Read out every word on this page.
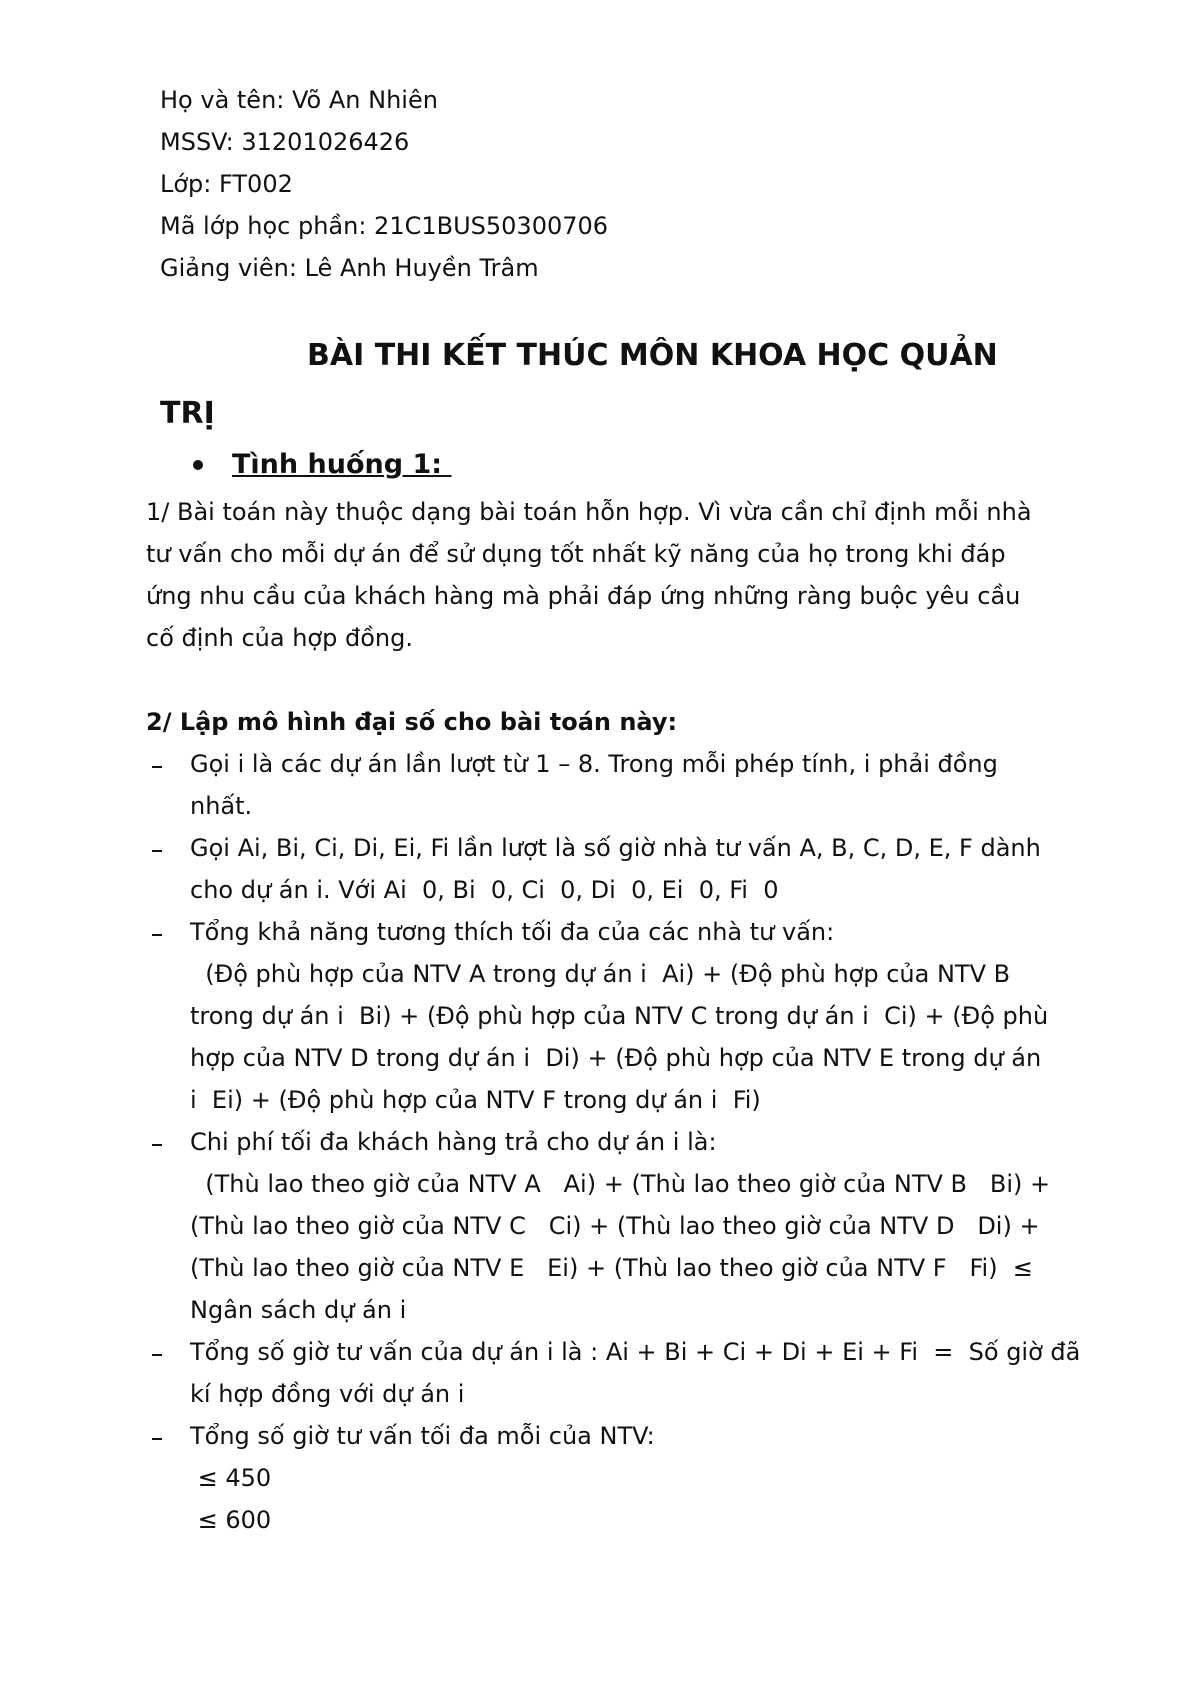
Họ và tên: Võ An Nhiên
MSSV: 31201026426
Lớp: FT002
Mã lớp học phần: 21C1BUS50300706
Giảng viên: Lê Anh Huyền Trâm
BÀI THI KẾT THÚC MÔN KHOA HỌC QUẢN
TRỊ
Tình huống 1:
1/ Bài toán này thuộc dạng bài toán hỗn hợp. Vì vừa cần chỉ định mỗi nhà
tư vấn cho mỗi dự án để sử dụng tốt nhất kỹ năng của họ trong khi đáp
ứng nhu cầu của khách hàng mà phải đáp ứng những ràng buộc yêu cầu
cố định của hợp đồng.
2/ Lập mô hình đại số cho bài toán này:
Gọi i là các dự án lần lượt từ 1 – 8. Trong mỗi phép tính, i phải đồng
nhất.
Gọi Ai, Bi, Ci, Di, Ei, Fi lần lượt là số giờ nhà tư vấn A, B, C, D, E, F dành
cho dự án i. Với Ai  0, Bi  0, Ci  0, Di  0, Ei  0, Fi  0
Tổng khả năng tương thích tối đa của các nhà tư vấn:
(Độ phù hợp của NTV A trong dự án i  Ai) + (Độ phù hợp của NTV B
trong dự án i  Bi) + (Độ phù hợp của NTV C trong dự án i  Ci) + (Độ phù
hợp của NTV D trong dự án i  Di) + (Độ phù hợp của NTV E trong dự án
i  Ei) + (Độ phù hợp của NTV F trong dự án i  Fi)
Chi phí tối đa khách hàng trả cho dự án i là:
(Thù lao theo giờ của NTV A   Ai) + (Thù lao theo giờ của NTV B   Bi) +
(Thù lao theo giờ của NTV C   Ci) + (Thù lao theo giờ của NTV D   Di) +
(Thù lao theo giờ của NTV E   Ei) + (Thù lao theo giờ của NTV F   Fi)  ≤
Ngân sách dự án i
Tổng số giờ tư vấn của dự án i là : Ai + Bi + Ci + Di + Ei + Fi  =  Số giờ đã
kí hợp đồng với dự án i
Tổng số giờ tư vấn tối đa mỗi của NTV:
≤ 450
≤ 600
